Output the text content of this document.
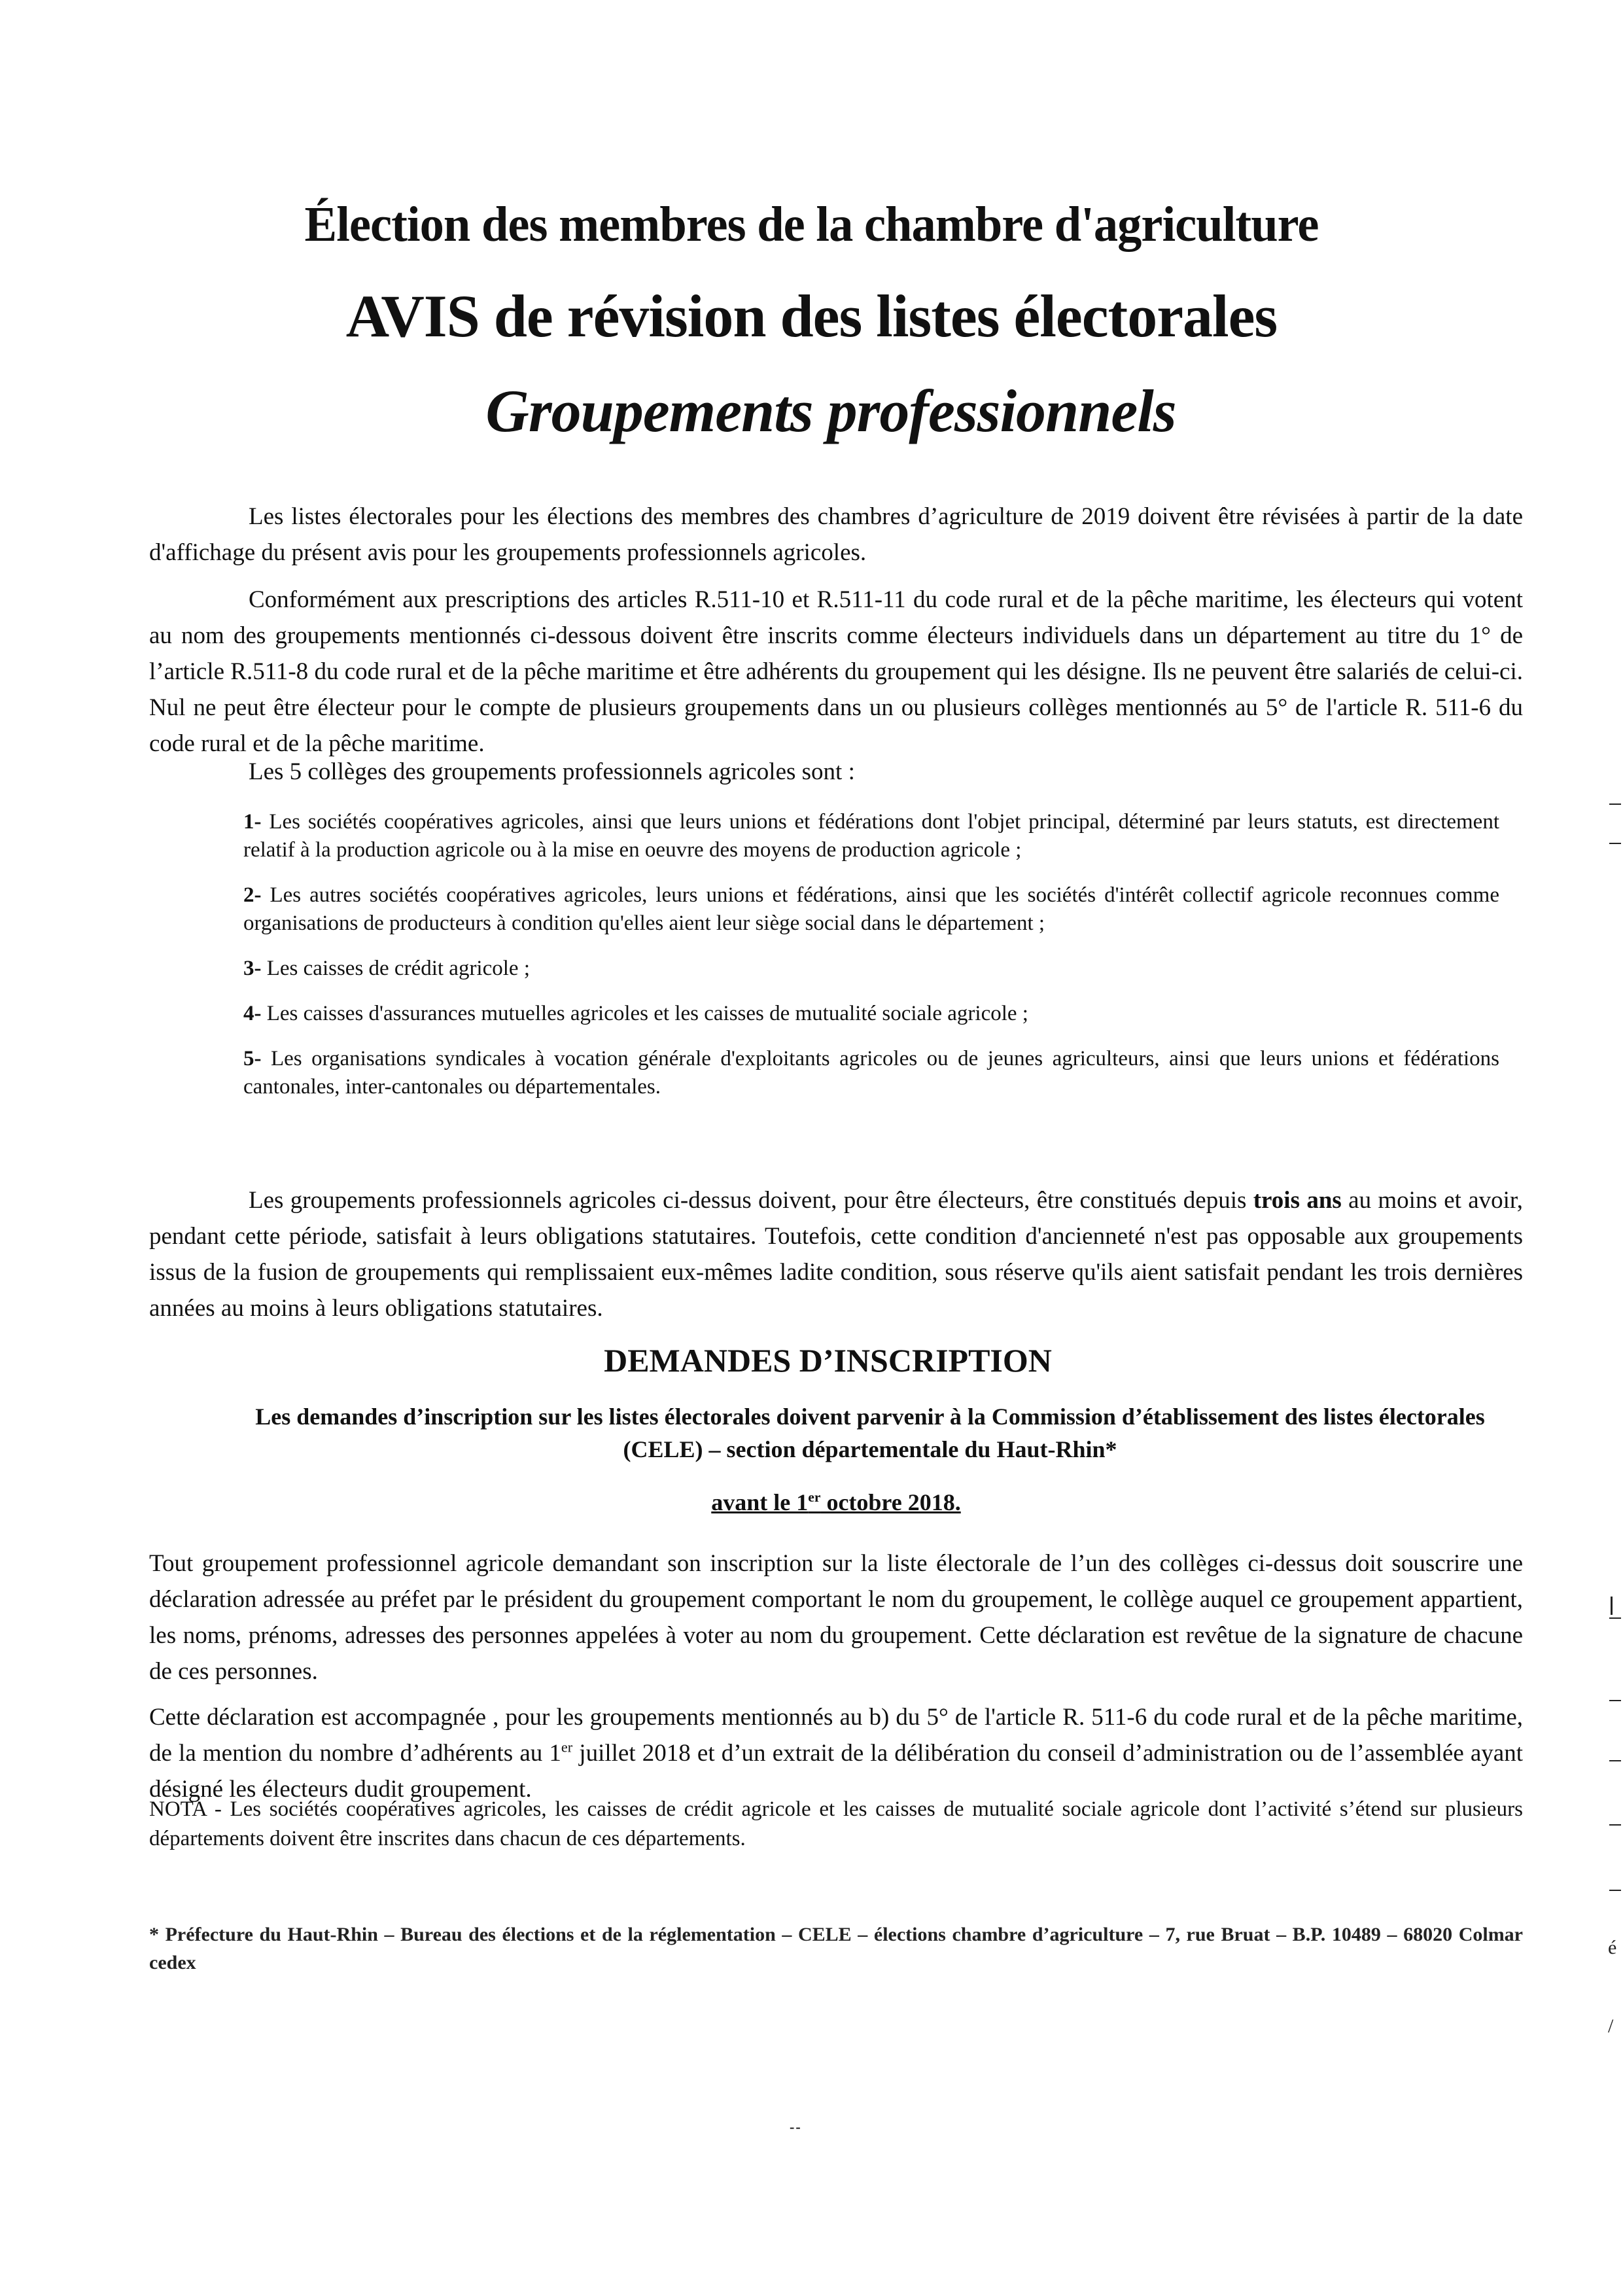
Élection des membres de la chambre d'agriculture
AVIS de révision des listes électorales
Groupements professionnels

Les listes électorales pour les élections des membres des chambres d’agriculture de 2019 doivent être révisées à partir de la date d'affichage du présent avis pour les groupements professionnels agricoles.

Conformément aux prescriptions des articles R.511-10 et R.511-11 du code rural et de la pêche maritime, les électeurs qui votent au nom des groupements mentionnés ci-dessous doivent être inscrits comme électeurs individuels dans un département au titre du 1° de l’article R.511-8 du code rural et de la pêche maritime et être adhérents du groupement qui les désigne. Ils ne peuvent être salariés de celui-ci. Nul ne peut être électeur pour le compte de plusieurs groupements dans un ou plusieurs collèges mentionnés au 5° de l'article R. 511-6 du code rural et de la pêche maritime.

Les 5 collèges des groupements professionnels agricoles sont :

1- Les sociétés coopératives agricoles, ainsi que leurs unions et fédérations dont l'objet principal, déterminé par leurs statuts, est directement relatif à la production agricole ou à la mise en oeuvre des moyens de production agricole ;

2- Les autres sociétés coopératives agricoles, leurs unions et fédérations, ainsi que les sociétés d'intérêt collectif agricole reconnues comme organisations de producteurs à condition qu'elles aient leur siège social dans le département ;

3- Les caisses de crédit agricole ;

4- Les caisses d'assurances mutuelles agricoles et les caisses de mutualité sociale agricole ;

5- Les organisations syndicales à vocation générale d'exploitants agricoles ou de jeunes agriculteurs, ainsi que leurs unions et fédérations cantonales, inter-cantonales ou départementales.

Les groupements professionnels agricoles ci-dessus doivent, pour être électeurs, être constitués depuis trois ans au moins et avoir, pendant cette période, satisfait à leurs obligations statutaires. Toutefois, cette condition d'ancienneté n'est pas opposable aux groupements issus de la fusion de groupements qui remplissaient eux-mêmes ladite condition, sous réserve qu'ils aient satisfait pendant les trois dernières années au moins à leurs obligations statutaires.

DEMANDES D’INSCRIPTION
Les demandes d’inscription sur les listes électorales doivent parvenir à la Commission d’établissement des listes électorales (CELE) – section départementale du Haut-Rhin*
avant le 1er octobre 2018.

Tout groupement professionnel agricole demandant son inscription sur la liste électorale de l’un des collèges ci-dessus doit souscrire une déclaration adressée au préfet par le président du groupement comportant le nom du groupement, le collège auquel ce groupement appartient, les noms, prénoms, adresses des personnes appelées à voter au nom du groupement. Cette déclaration est revêtue de la signature de chacune de ces personnes.

Cette déclaration est accompagnée , pour les groupements mentionnés au b) du 5° de l'article R. 511-6 du code rural et de la pêche maritime, de la mention du nombre d’adhérents au 1er juillet 2018 et d’un extrait de la délibération du conseil d’administration ou de l’assemblée ayant désigné les électeurs dudit groupement.

NOTA - Les sociétés coopératives agricoles, les caisses de crédit agricole et les caisses de mutualité sociale agricole dont l’activité s’étend sur plusieurs départements doivent être inscrites dans chacun de ces départements.

* Préfecture du Haut-Rhin – Bureau des élections et de la réglementation – CELE – élections chambre d’agriculture – 7, rue Bruat – B.P. 10489 – 68020 Colmar cedex
--
é
/
